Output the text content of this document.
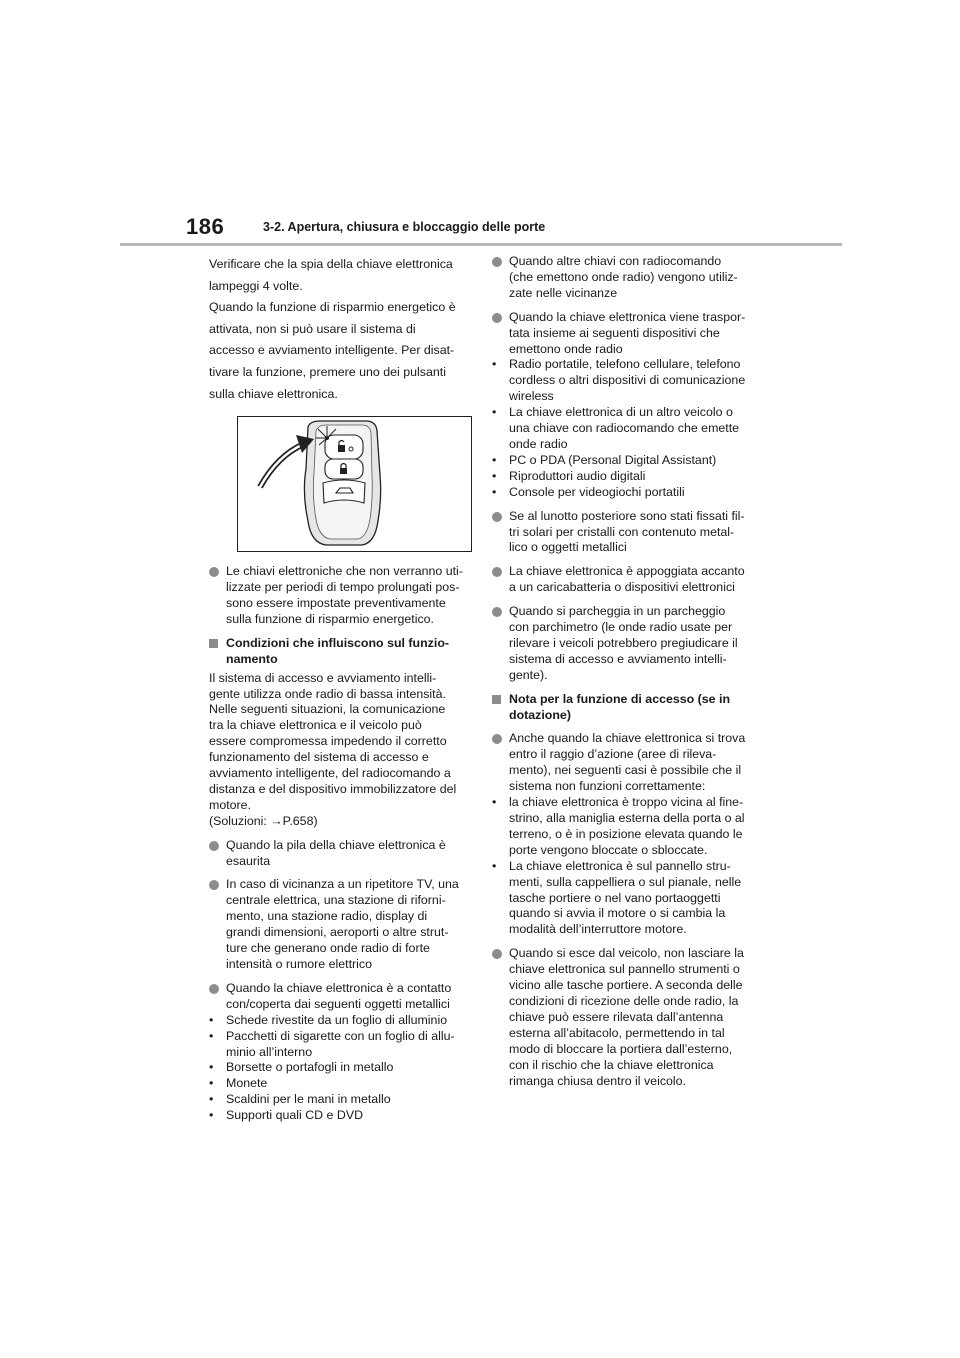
186	3-2. Apertura, chiusura e bloccaggio delle porte

Verificare che la spia della chiave elettronica

lampeggi 4 volte.

Quando la funzione di risparmio energetico è

attivata, non si può usare il sistema di

accesso e avviamento intelligente. Per disat-

tivare la funzione, premere uno dei pulsanti

sulla chiave elettronica.

Le chiavi elettroniche che non verranno uti-
lizzate per periodi di tempo prolungati pos-
sono essere impostate preventivamente
sulla funzione di risparmio energetico.
Condizioni che influiscono sul funzio-
namento
Il sistema di accesso e avviamento intelli-
gente utilizza onde radio di bassa intensità.
Nelle seguenti situazioni, la comunicazione
tra la chiave elettronica e il veicolo può
essere compromessa impedendo il corretto
funzionamento del sistema di accesso e
avviamento intelligente, del radiocomando a
distanza e del dispositivo immobilizzatore del
motore.
(Soluzioni: →P.658)
Quando la pila della chiave elettronica è
esaurita
In caso di vicinanza a un ripetitore TV, una
centrale elettrica, una stazione di riforni-
mento, una stazione radio, display di
grandi dimensioni, aeroporti o altre strut-
ture che generano onde radio di forte
intensità o rumore elettrico
Quando la chiave elettronica è a contatto
con/coperta dai seguenti oggetti metallici
• Schede rivestite da un foglio di alluminio
• Pacchetti di sigarette con un foglio di allu-
minio all’interno
• Borsette o portafogli in metallo
• Monete
• Scaldini per le mani in metallo
• Supporti quali CD e DVD
Quando altre chiavi con radiocomando
(che emettono onde radio) vengono utiliz-
zate nelle vicinanze
Quando la chiave elettronica viene traspor-
tata insieme ai seguenti dispositivi che
emettono onde radio
• Radio portatile, telefono cellulare, telefono
cordless o altri dispositivi di comunicazione
wireless
• La chiave elettronica di un altro veicolo o
una chiave con radiocomando che emette
onde radio
• PC o PDA (Personal Digital Assistant)
• Riproduttori audio digitali
• Console per videogiochi portatili
Se al lunotto posteriore sono stati fissati fil-
tri solari per cristalli con contenuto metal-
lico o oggetti metallici
La chiave elettronica è appoggiata accanto
a un caricabatteria o dispositivi elettronici
Quando si parcheggia in un parcheggio
con parchimetro (le onde radio usate per
rilevare i veicoli potrebbero pregiudicare il
sistema di accesso e avviamento intelli-
gente).
Nota per la funzione di accesso (se in
dotazione)
Anche quando la chiave elettronica si trova
entro il raggio d’azione (aree di rileva-
mento), nei seguenti casi è possibile che il
sistema non funzioni correttamente:
• la chiave elettronica è troppo vicina al fine-
strino, alla maniglia esterna della porta o al
terreno, o è in posizione elevata quando le
porte vengono bloccate o sbloccate.
• La chiave elettronica è sul pannello stru-
menti, sulla cappelliera o sul pianale, nelle
tasche portiere o nel vano portaoggetti
quando si avvia il motore o si cambia la
modalità dell’interruttore motore.
Quando si esce dal veicolo, non lasciare la
chiave elettronica sul pannello strumenti o
vicino alle tasche portiere. A seconda delle
condizioni di ricezione delle onde radio, la
chiave può essere rilevata dall’antenna
esterna all’abitacolo, permettendo in tal
modo di bloccare la portiera dall’esterno,
con il rischio che la chiave elettronica
rimanga chiusa dentro il veicolo.
